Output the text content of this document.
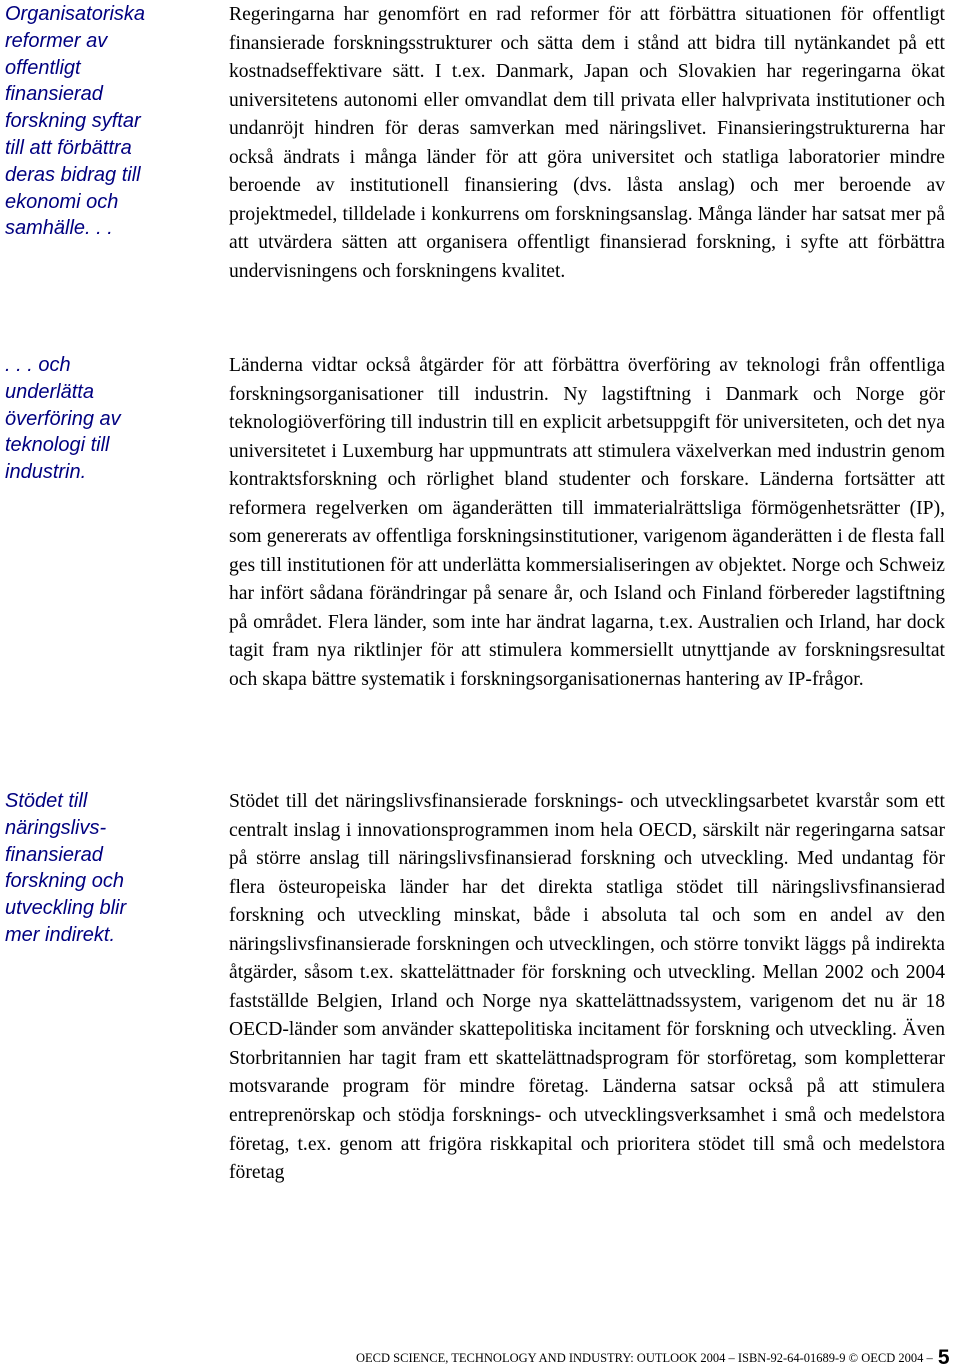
Organisatoriska reformer av offentligt finansierad forskning syftar till att förbättra deras bidrag till ekonomi och samhälle. . .

Regeringarna har genomfört en rad reformer för att förbättra situationen för offentligt finansierade forskningsstrukturer och sätta dem i stånd att bidra till nytänkandet på ett kostnadseffektivare sätt. I t.ex. Danmark, Japan och Slovakien har regeringarna ökat universitetens autonomi eller omvandlat dem till privata eller halvprivata institutioner och undanröjt hindren för deras samverkan med näringslivet. Finansieringstrukturerna har också ändrats i många länder för att göra universitet och statliga laboratorier mindre beroende av institutionell finansiering (dvs. låsta anslag) och mer beroende av projektmedel, tilldelade i konkurrens om forskningsanslag. Många länder har satsat mer på att utvärdera sätten att organisera offentligt finansierad forskning, i syfte att förbättra undervisningens och forskningens kvalitet.

. . . och underlätta överföring av teknologi till industrin.

Länderna vidtar också åtgärder för att förbättra överföring av teknologi från offentliga forskningsorganisationer till industrin. Ny lagstiftning i Danmark och Norge gör teknologiöverföring till industrin till en explicit arbetsuppgift för universiteten, och det nya universitetet i Luxemburg har uppmuntrats att stimulera växelverkan med industrin genom kontraktsforskning och rörlighet bland studenter och forskare. Länderna fortsätter att reformera regelverken om äganderätten till immaterialrättsliga förmögenhetsrätter (IP), som genererats av offentliga forskningsinstitutioner, varigenom äganderätten i de flesta fall ges till institutionen för att underlätta kommersialiseringen av objektet. Norge och Schweiz har infört sådana förändringar på senare år, och Island och Finland förbereder lagstiftning på området. Flera länder, som inte har ändrat lagarna, t.ex. Australien och Irland, har dock tagit fram nya riktlinjer för att stimulera kommersiellt utnyttjande av forskningsresultat och skapa bättre systematik i forskningsorganisationernas hantering av IP-frågor.

Stödet till näringslivs-finansierad forskning och utveckling blir mer indirekt.

Stödet till det näringslivsfinansierade forsknings- och utvecklingsarbetet kvarstår som ett centralt inslag i innovationsprogrammen inom hela OECD, särskilt när regeringarna satsar på större anslag till näringslivsfinansierad forskning och utveckling. Med undantag för flera östeuropeiska länder har det direkta statliga stödet till näringslivsfinansierad forskning och utveckling minskat, både i absoluta tal och som en andel av den näringslivsfinansierade forskningen och utvecklingen, och större tonvikt läggs på indirekta åtgärder, såsom t.ex. skattelättnader för forskning och utveckling. Mellan 2002 och 2004 fastställde Belgien, Irland och Norge nya skattelättnadssystem, varigenom det nu är 18 OECD-länder som använder skattepolitiska incitament för forskning och utveckling. Även Storbritannien har tagit fram ett skattelättnadsprogram för storföretag, som kompletterar motsvarande program för mindre företag. Länderna satsar också på att stimulera entreprenörskap och stödja forsknings- och utvecklingsverksamhet i små och medelstora företag, t.ex. genom att frigöra riskkapital och prioritera stödet till små och medelstora företag

OECD SCIENCE, TECHNOLOGY AND INDUSTRY: OUTLOOK 2004 – ISBN-92-64-01689-9 © OECD 2004 – 5
